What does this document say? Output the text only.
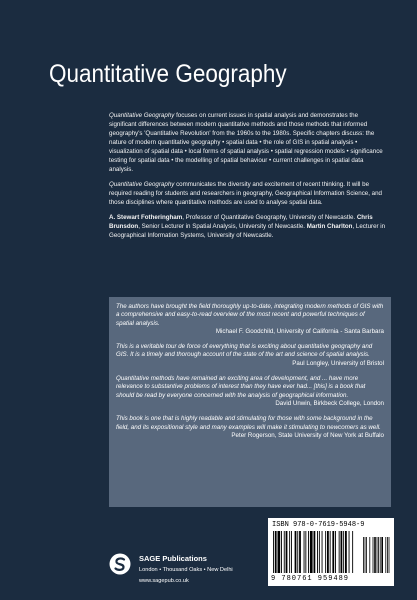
Quantitative Geography

Quantitative Geography focuses on current issues in spatial analysis and demonstrates the significant differences between modern quantitative methods and those methods that informed geography's 'Quantitative Revolution' from the 1960s to the 1980s. Specific chapters discuss: the nature of modern quantitative geography • spatial data • the role of GIS in spatial analysis • visualization of spatial data • local forms of spatial analysis • spatial regression models • significance testing for spatial data • the modelling of spatial behaviour • current challenges in spatial data analysis.

Quantitative Geography communicates the diversity and excitement of recent thinking. It will be required reading for students and researchers in geography, Geographical Information Science, and those disciplines where quantitative methods are used to analyse spatial data.

A. Stewart Fotheringham, Professor of Quantitative Geography, University of Newcastle. Chris Brunsdon, Senior Lecturer in Spatial Analysis, University of Newcastle. Martin Charlton, Lecturer in Geographical Information Systems, University of Newcastle.

The authors have brought the field thoroughly up-to-date, integrating modern methods of GIS with a comprehensive and easy-to-read overview of the most recent and powerful techniques of spatial analysis.
Michael F. Goodchild, University of California - Santa Barbara
This is a veritable tour de force of everything that is exciting about quantitative geography and GIS. It is a timely and thorough account of the state of the art and science of spatial analysis.
Paul Longley, University of Bristol
Quantitative methods have remained an exciting area of development, and ... have more relevance to substantive problems of interest than they have ever had... [this] is a book that should be read by everyone concerned with the analysis of geographical information.
David Unwin, Birkbeck College, London
This book is one that is highly readable and stimulating for those with some background in the field, and its expositional style and many examples will make it stimulating to newcomers as well.
Peter Rogerson, State University of New York at Buffalo
SAGE Publications
London • Thousand Oaks • New Delhi
www.sagepub.co.uk
ISBN 978-0-7619-5948-9
9 780761 959489
